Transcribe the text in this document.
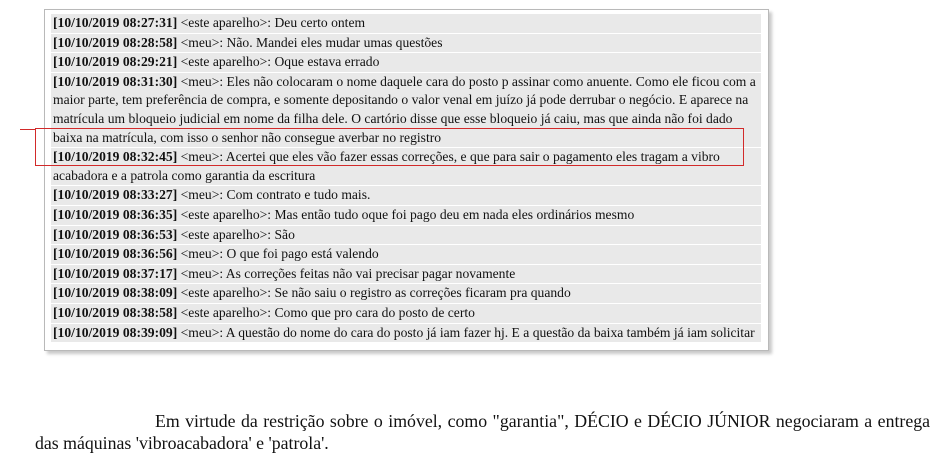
[10/10/2019 08:27:31] <este aparelho>: Deu certo ontem
[10/10/2019 08:28:58] <meu>: Não. Mandei eles mudar umas questões
[10/10/2019 08:29:21] <este aparelho>: Oque estava errado
[10/10/2019 08:31:30] <meu>: Eles não colocaram o nome daquele cara do posto p assinar como anuente. Como ele ficou com a maior parte, tem preferência de compra, e somente depositando o valor venal em juízo já pode derrubar o negócio. E aparece na matrícula um bloqueio judicial em nome da filha dele. O cartório disse que esse bloqueio já caiu, mas que ainda não foi dado baixa na matrícula, com isso o senhor não consegue averbar no registro
[10/10/2019 08:32:45] <meu>: Acertei que eles vão fazer essas correções, e que para sair o pagamento eles tragam a vibro acabadora e a patrola como garantia da escritura
[10/10/2019 08:33:27] <meu>: Com contrato e tudo mais.
[10/10/2019 08:36:35] <este aparelho>: Mas então tudo oque foi pago deu em nada eles ordinários mesmo
[10/10/2019 08:36:53] <este aparelho>: São
[10/10/2019 08:36:56] <meu>: O que foi pago está valendo
[10/10/2019 08:37:17] <meu>: As correções feitas não vai precisar pagar novamente
[10/10/2019 08:38:09] <este aparelho>: Se não saiu o registro as correções ficaram pra quando
[10/10/2019 08:38:58] <este aparelho>: Como que pro cara do posto de certo
[10/10/2019 08:39:09] <meu>: A questão do nome do cara do posto já iam fazer hj. E a questão da baixa também já iam solicitar

Em virtude da restrição sobre o imóvel, como "garantia", DÉCIO e DÉCIO JÚNIOR negociaram a entrega das máquinas 'vibroacabadora' e 'patrola'.
